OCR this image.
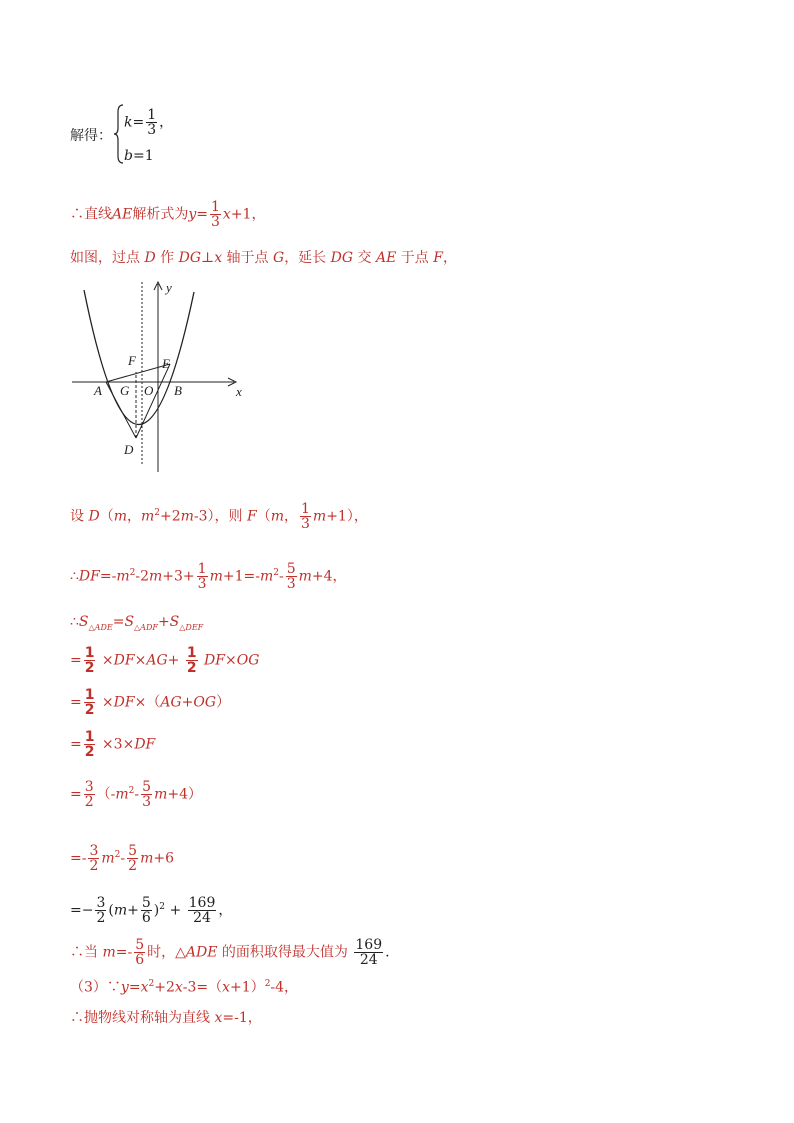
解得：
$k= \frac{1}{3}$ ，
b=1
∴直线AE解析式为$y= \frac{1}{3} x+1$，
如图，过点 D 作 DG⊥x 轴于点 G，延长 DG 交 AE 于点 F，
y
x
A G O B
F E
D
设 D（m，$m^2+2m-3$），则 F（m， $\frac{1}{3} m+1$），
$\therefore DF=-m^2-2m+3+ \frac{1}{3} m+1=-m^2- \frac{5}{3} m+4$，
$\therefore S_{\triangle ADE}=S_{\triangle ADF}+S_{\triangle DEF}$
= $\frac{1}{2} \times DF\times AG+ \frac{1}{2} DF\times OG$
= $\frac{1}{2} \times DF\times(AG+OG)$
= $\frac{1}{2} \times 3\times DF$
= $\frac{3}{2} (-m^2- \frac{5}{3} m+4)$
=- $\frac{3}{2} m^2- \frac{5}{2} m+6$
=− $\frac{3}{2} (m+ \frac{5}{6} )^2 + \frac{169}{24}$ ，
∴当 $m=- \frac{5}{6}$ 时，△ADE 的面积取得最大值为 $\frac{169}{24}$ .
$(3)\because y=x^2+2x-3=(x+1)^2-4$，
∴抛物线对称轴为直线 x=-1，
